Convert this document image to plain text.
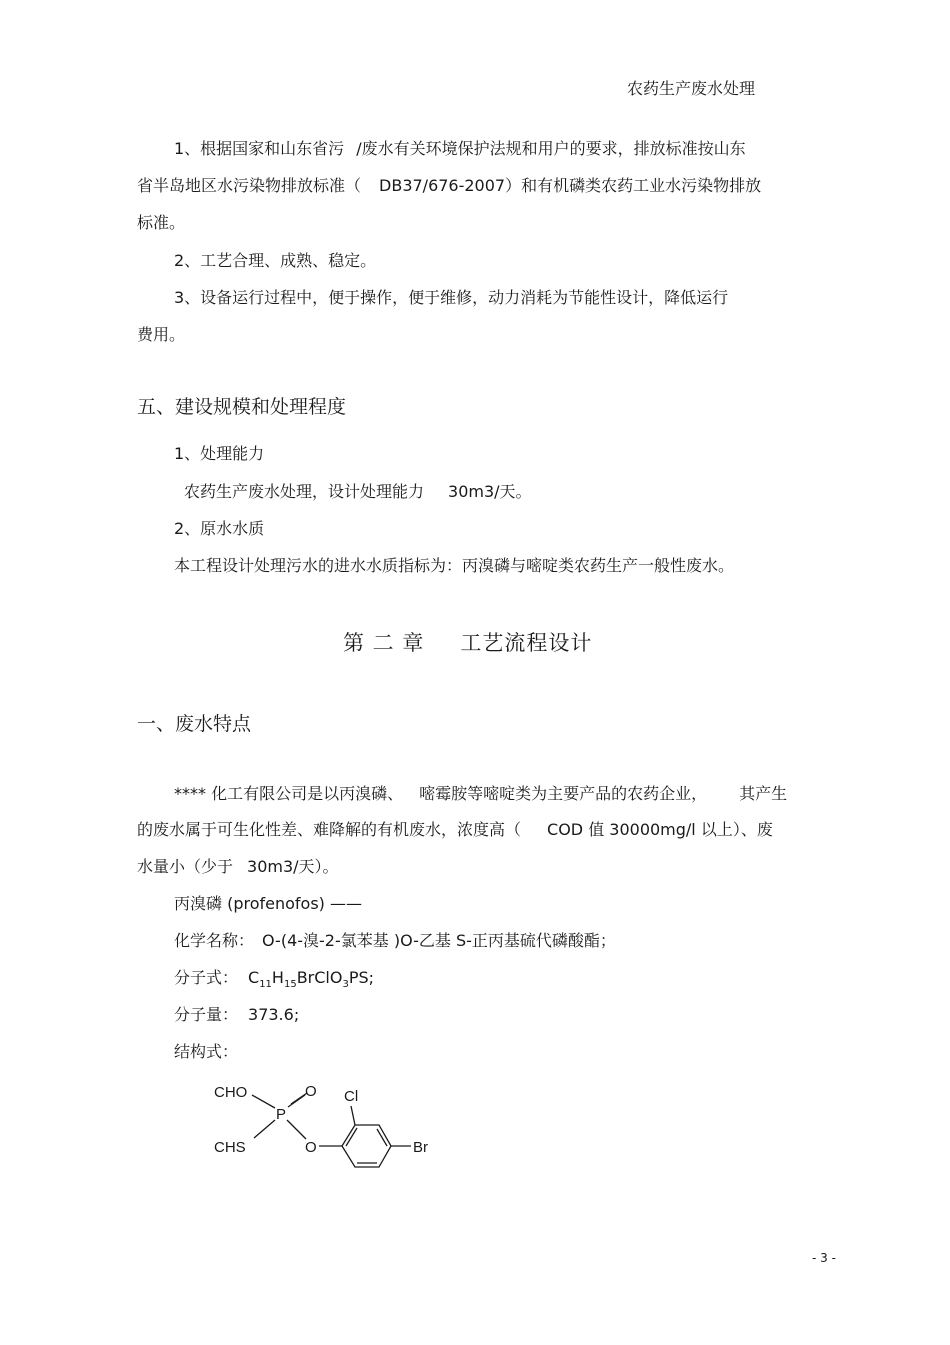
农药生产废水处理
1、根据国家和山东省污 /废水有关环境保护法规和用户的要求，排放标准按山东
省半岛地区水污染物排放标准（ DB37/676-2007）和有机磷类农药工业水污染物排放
标准。
2、工艺合理、成熟、稳定。
3、设备运行过程中，便于操作，便于维修，动力消耗为节能性设计，降低运行
费用。
五、建设规模和处理程度
1、处理能力
农药生产废水处理，设计处理能力 30m3/天。
2、原水水质
本工程设计处理污水的进水水质指标为：丙溴磷与嘧啶类农药生产一般性废水。
第 二 章 工艺流程设计
一、废水特点
**** 化工有限公司是以丙溴磷、 嘧霉胺等嘧啶类为主要产品的农药企业， 其产生
的废水属于可生化性差、难降解的有机废水，浓度高（ COD 值 30000mg/l 以上）、废
水量小（少于 30m3/天）。
丙溴磷 (profenofos) ——
化学名称： O-(4-溴-2-氯苯基 )O-乙基 S-正丙基硫代磷酸酯；
分子式： $C_{11}H_{15}BrClO_3PS$;
分子量： 373.6;
结构式：
CHO	O Cl
P
CHS	O	Br
- 3 -
